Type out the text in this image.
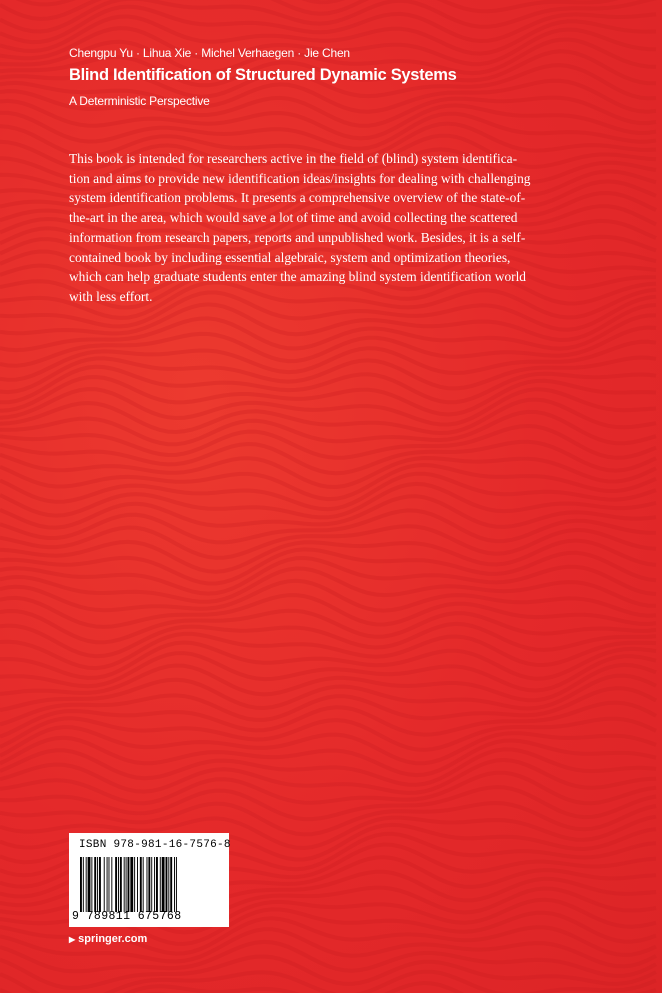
Chengpu Yu · Lihua Xie · Michel Verhaegen · Jie Chen
Blind Identification of Structured Dynamic Systems
A Deterministic Perspective
This book is intended for researchers active in the field of (blind) system identifica-
tion and aims to provide new identification ideas/insights for dealing with challenging
system identification problems. It presents a comprehensive overview of the state-of-
the-art in the area, which would save a lot of time and avoid collecting the scattered
information from research papers, reports and unpublished work. Besides, it is a self-
contained book by including essential algebraic, system and optimization theories,
which can help graduate students enter the amazing blind system identification world
with less effort.
ISBN 978-981-16-7576-8
9 789811 675768
▶ springer.com
